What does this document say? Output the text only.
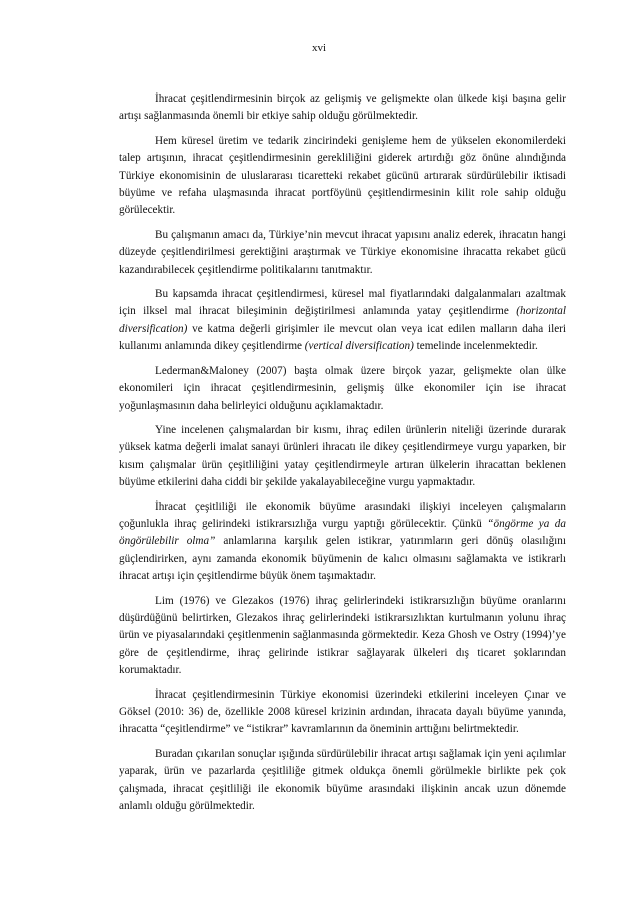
xvi

İhracat çeşitlendirmesinin birçok az gelişmiş ve gelişmekte olan ülkede kişi başına gelir artışı sağlanmasında önemli bir etkiye sahip olduğu görülmektedir.

Hem küresel üretim ve tedarik zincirindeki genişleme hem de yükselen ekonomilerdeki talep artışının, ihracat çeşitlendirmesinin gerekliliğini giderek artırdığı göz önüne alındığında Türkiye ekonomisinin de uluslararası ticaretteki rekabet gücünü artırarak sürdürülebilir iktisadi büyüme ve refaha ulaşmasında ihracat portföyünü çeşitlendirmesinin kilit role sahip olduğu görülecektir.

Bu çalışmanın amacı da, Türkiye’nin mevcut ihracat yapısını analiz ederek, ihracatın hangi düzeyde çeşitlendirilmesi gerektiğini araştırmak ve Türkiye ekonomisine ihracatta rekabet gücü kazandırabilecek çeşitlendirme politikalarını tanıtmaktır.

Bu kapsamda ihracat çeşitlendirmesi, küresel mal fiyatlarındaki dalgalanmaları azaltmak için ilksel mal ihracat bileşiminin değiştirilmesi anlamında yatay çeşitlendirme (horizontal diversification) ve katma değerli girişimler ile mevcut olan veya icat edilen malların daha ileri kullanımı anlamında dikey çeşitlendirme (vertical diversification) temelinde incelenmektedir.

Lederman&Maloney (2007) başta olmak üzere birçok yazar, gelişmekte olan ülke ekonomileri için ihracat çeşitlendirmesinin, gelişmiş ülke ekonomiler için ise ihracat yoğunlaşmasının daha belirleyici olduğunu açıklamaktadır.

Yine incelenen çalışmalardan bir kısmı, ihraç edilen ürünlerin niteliği üzerinde durarak yüksek katma değerli imalat sanayi ürünleri ihracatı ile dikey çeşitlendirmeye vurgu yaparken, bir kısım çalışmalar ürün çeşitliliğini yatay çeşitlendirmeyle artıran ülkelerin ihracattan beklenen büyüme etkilerini daha ciddi bir şekilde yakalayabileceğine vurgu yapmaktadır.

İhracat çeşitliliği ile ekonomik büyüme arasındaki ilişkiyi inceleyen çalışmaların çoğunlukla ihraç gelirindeki istikrarsızlığa vurgu yaptığı görülecektir. Çünkü “öngörme ya da öngörülebilir olma” anlamlarına karşılık gelen istikrar, yatırımların geri dönüş olasılığını güçlendirirken, aynı zamanda ekonomik büyümenin de kalıcı olmasını sağlamakta ve istikrarlı ihracat artışı için çeşitlendirme büyük önem taşımaktadır.

Lim (1976) ve Glezakos (1976) ihraç gelirlerindeki istikrarsızlığın büyüme oranlarını düşürdüğünü belirtirken, Glezakos ihraç gelirlerindeki istikrarsızlıktan kurtulmanın yolunu ihraç ürün ve piyasalarındaki çeşitlenmenin sağlanmasında görmektedir. Keza Ghosh ve Ostry (1994)’ye göre de çeşitlendirme, ihraç gelirinde istikrar sağlayarak ülkeleri dış ticaret şoklarından korumaktadır.

İhracat çeşitlendirmesinin Türkiye ekonomisi üzerindeki etkilerini inceleyen Çınar ve Göksel (2010: 36) de, özellikle 2008 küresel krizinin ardından, ihracata dayalı büyüme yanında, ihracatta “çeşitlendirme” ve “istikrar” kavramlarının da öneminin arttığını belirtmektedir.

Buradan çıkarılan sonuçlar ışığında sürdürülebilir ihracat artışı sağlamak için yeni açılımlar yaparak, ürün ve pazarlarda çeşitliliğe gitmek oldukça önemli görülmekle birlikte pek çok çalışmada, ihracat çeşitliliği ile ekonomik büyüme arasındaki ilişkinin ancak uzun dönemde anlamlı olduğu görülmektedir.
